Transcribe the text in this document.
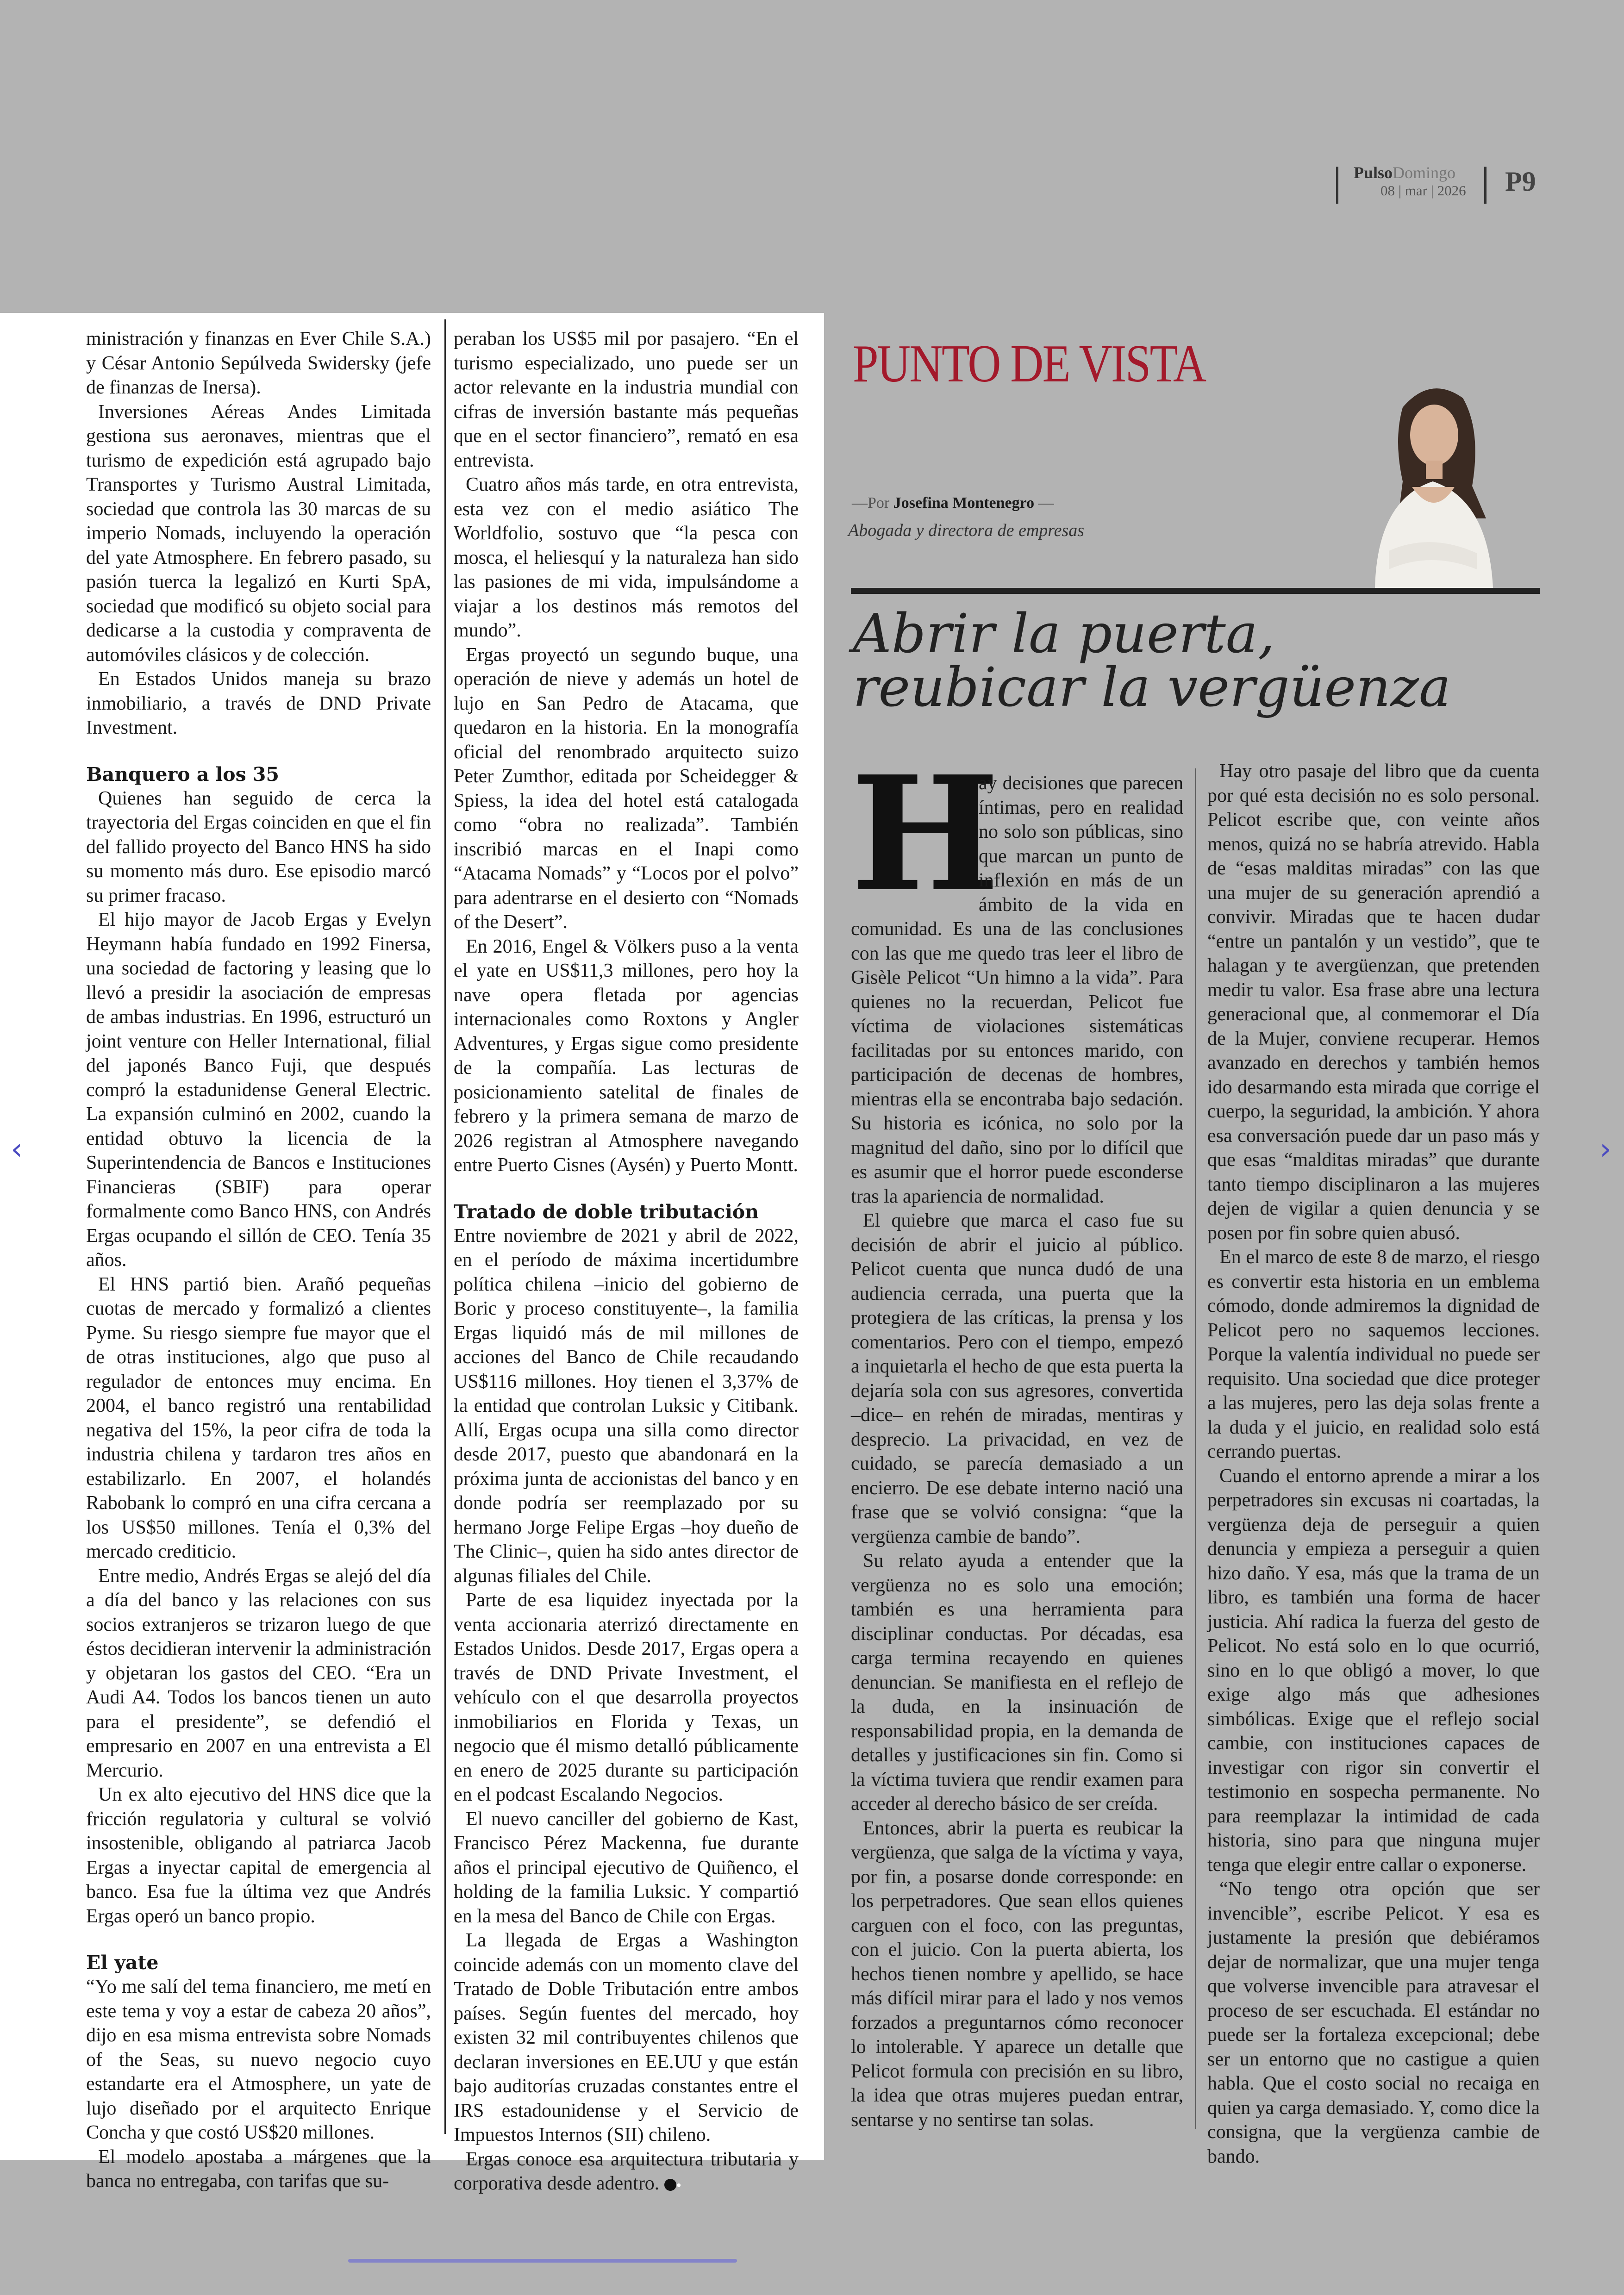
PulsoDomingo
08 | mar | 2026 P9

ministración y finanzas en Ever Chile S.A.) y César Antonio Sepúlveda Swidersky (jefe de finanzas de Inersa).

Inversiones Aéreas Andes Limitada gestiona sus aeronaves, mientras que el turismo de expedición está agrupado bajo Transportes y Turismo Austral Limitada, sociedad que controla las 30 marcas de su imperio Nomads, incluyendo la operación del yate Atmosphere. En febrero pasado, su pasión tuerca la legalizó en Kurti SpA, sociedad que modificó su objeto social para dedicarse a la custodia y compraventa de automóviles clásicos y de colección.

En Estados Unidos maneja su brazo inmobiliario, a través de DND Private Investment.

Banquero a los 35

Quienes han seguido de cerca la trayectoria del Ergas coinciden en que el fin del fallido proyecto del Banco HNS ha sido su momento más duro. Ese episodio marcó su primer fracaso.

El hijo mayor de Jacob Ergas y Evelyn Heymann había fundado en 1992 Finersa, una sociedad de factoring y leasing que lo llevó a presidir la asociación de empresas de ambas industrias. En 1996, estructuró un joint venture con Heller International, filial del japonés Banco Fuji, que después compró la estadunidense General Electric. La expansión culminó en 2002, cuando la entidad obtuvo la licencia de la Superintendencia de Bancos e Instituciones Financieras (SBIF) para operar formalmente como Banco HNS, con Andrés Ergas ocupando el sillón de CEO. Tenía 35 años.

El HNS partió bien. Arañó pequeñas cuotas de mercado y formalizó a clientes Pyme. Su riesgo siempre fue mayor que el de otras instituciones, algo que puso al regulador de entonces muy encima. En 2004, el banco registró una rentabilidad negativa del 15%, la peor cifra de toda la industria chilena y tardaron tres años en estabilizarlo. En 2007, el holandés Rabobank lo compró en una cifra cercana a los US$50 millones. Tenía el 0,3% del mercado crediticio.

Entre medio, Andrés Ergas se alejó del día a día del banco y las relaciones con sus socios extranjeros se trizaron luego de que éstos decidieran intervenir la administración y objetaran los gastos del CEO. “Era un Audi A4. Todos los bancos tienen un auto para el presidente”, se defendió el empresario en 2007 en una entrevista a El Mercurio.

Un ex alto ejecutivo del HNS dice que la fricción regulatoria y cultural se volvió insostenible, obligando al patriarca Jacob Ergas a inyectar capital de emergencia al banco. Esa fue la última vez que Andrés Ergas operó un banco propio.

El yate

“Yo me salí del tema financiero, me metí en este tema y voy a estar de cabeza 20 años”, dijo en esa misma entrevista sobre Nomads of the Seas, su nuevo negocio cuyo estandarte era el Atmosphere, un yate de lujo diseñado por el arquitecto Enrique Concha y que costó US$20 millones.

El modelo apostaba a márgenes que la banca no entregaba, con tarifas que su-

peraban los US$5 mil por pasajero. “En el turismo especializado, uno puede ser un actor relevante en la industria mundial con cifras de inversión bastante más pequeñas que en el sector financiero”, remató en esa entrevista.

Cuatro años más tarde, en otra entrevista, esta vez con el medio asiático The Worldfolio, sostuvo que “la pesca con mosca, el heliesquí y la naturaleza han sido las pasiones de mi vida, impulsándome a viajar a los destinos más remotos del mundo”.

Ergas proyectó un segundo buque, una operación de nieve y además un hotel de lujo en San Pedro de Atacama, que quedaron en la historia. En la monografía oficial del renombrado arquitecto suizo Peter Zumthor, editada por Scheidegger & Spiess, la idea del hotel está catalogada como “obra no realizada”. También inscribió marcas en el Inapi como “Atacama Nomads” y “Locos por el polvo” para adentrarse en el desierto con “Nomads of the Desert”.

En 2016, Engel & Völkers puso a la venta el yate en US$11,3 millones, pero hoy la nave opera fletada por agencias internacionales como Roxtons y Angler Adventures, y Ergas sigue como presidente de la compañía. Las lecturas de posicionamiento satelital de finales de febrero y la primera semana de marzo de 2026 registran al Atmosphere navegando entre Puerto Cisnes (Aysén) y Puerto Montt.

Tratado de doble tributación

Entre noviembre de 2021 y abril de 2022, en el período de máxima incertidumbre política chilena –inicio del gobierno de Boric y proceso constituyente–, la familia Ergas liquidó más de mil millones de acciones del Banco de Chile recaudando US$116 millones. Hoy tienen el 3,37% de la entidad que controlan Luksic y Citibank. Allí, Ergas ocupa una silla como director desde 2017, puesto que abandonará en la próxima junta de accionistas del banco y en donde podría ser reemplazado por su hermano Jorge Felipe Ergas –hoy dueño de The Clinic–, quien ha sido antes director de algunas filiales del Chile.

Parte de esa liquidez inyectada por la venta accionaria aterrizó directamente en Estados Unidos. Desde 2017, Ergas opera a través de DND Private Investment, el vehículo con el que desarrolla proyectos inmobiliarios en Florida y Texas, un negocio que él mismo detalló públicamente en enero de 2025 durante su participación en el podcast Escalando Negocios.

El nuevo canciller del gobierno de Kast, Francisco Pérez Mackenna, fue durante años el principal ejecutivo de Quiñenco, el holding de la familia Luksic. Y compartió en la mesa del Banco de Chile con Ergas.

La llegada de Ergas a Washington coincide además con un momento clave del Tratado de Doble Tributación entre ambos países. Según fuentes del mercado, hoy existen 32 mil contribuyentes chilenos que declaran inversiones en EE.UU y que están bajo auditorías cruzadas constantes entre el IRS estadounidense y el Servicio de Impuestos Internos (SII) chileno.

Ergas conoce esa arquitectura tributaria y corporativa desde adentro. ●

PUNTO DE VISTA
—Por Josefina Montenegro —
Abogada y directora de empresas
Abrir la puerta, reubicar la vergüenza

H
ay decisiones que parecen íntimas, pero en realidad no solo son públicas, sino que marcan un punto de inflexión en más de un ámbito de la vida en comunidad. Es una de las conclusiones con las que me quedo tras leer el libro de Gisèle Pelicot “Un himno a la vida”. Para quienes no la recuerdan, Pelicot fue víctima de violaciones sistemáticas facilitadas por su entonces marido, con participación de decenas de hombres, mientras ella se encontraba bajo sedación. Su historia es icónica, no solo por la magnitud del daño, sino por lo difícil que es asumir que el horror puede esconderse tras la apariencia de normalidad.

El quiebre que marca el caso fue su decisión de abrir el juicio al público. Pelicot cuenta que nunca dudó de una audiencia cerrada, una puerta que la protegiera de las críticas, la prensa y los comentarios. Pero con el tiempo, empezó a inquietarla el hecho de que esta puerta la dejaría sola con sus agresores, convertida –dice– en rehén de miradas, mentiras y desprecio. La privacidad, en vez de cuidado, se parecía demasiado a un encierro. De ese debate interno nació una frase que se volvió consigna: “que la vergüenza cambie de bando”.

Su relato ayuda a entender que la vergüenza no es solo una emoción; también es una herramienta para disciplinar conductas. Por décadas, esa carga termina recayendo en quienes denuncian. Se manifiesta en el reflejo de la duda, en la insinuación de responsabilidad propia, en la demanda de detalles y justificaciones sin fin. Como si la víctima tuviera que rendir examen para acceder al derecho básico de ser creída.

Entonces, abrir la puerta es reubicar la vergüenza, que salga de la víctima y vaya, por fin, a posarse donde corresponde: en los perpetradores. Que sean ellos quienes carguen con el foco, con las preguntas, con el juicio. Con la puerta abierta, los hechos tienen nombre y apellido, se hace más difícil mirar para el lado y nos vemos forzados a preguntarnos cómo reconocer lo intolerable. Y aparece un detalle que Pelicot formula con precisión en su libro, la idea que otras mujeres puedan entrar, sentarse y no sentirse tan solas.

Hay otro pasaje del libro que da cuenta por qué esta decisión no es solo personal. Pelicot escribe que, con veinte años menos, quizá no se habría atrevido. Habla de “esas malditas miradas” con las que una mujer de su generación aprendió a convivir. Miradas que te hacen dudar “entre un pantalón y un vestido”, que te halagan y te avergüenzan, que pretenden medir tu valor. Esa frase abre una lectura generacional que, al conmemorar el Día de la Mujer, conviene recuperar. Hemos avanzado en derechos y también hemos ido desarmando esta mirada que corrige el cuerpo, la seguridad, la ambición. Y ahora esa conversación puede dar un paso más y que esas “malditas miradas” que durante tanto tiempo disciplinaron a las mujeres dejen de vigilar a quien denuncia y se posen por fin sobre quien abusó.

En el marco de este 8 de marzo, el riesgo es convertir esta historia en un emblema cómodo, donde admiremos la dignidad de Pelicot pero no saquemos lecciones. Porque la valentía individual no puede ser requisito. Una sociedad que dice proteger a las mujeres, pero las deja solas frente a la duda y el juicio, en realidad solo está cerrando puertas.

Cuando el entorno aprende a mirar a los perpetradores sin excusas ni coartadas, la vergüenza deja de perseguir a quien denuncia y empieza a perseguir a quien hizo daño. Y esa, más que la trama de un libro, es también una forma de hacer justicia. Ahí radica la fuerza del gesto de Pelicot. No está solo en lo que ocurrió, sino en lo que obligó a mover, lo que exige algo más que adhesiones simbólicas. Exige que el reflejo social cambie, con instituciones capaces de investigar con rigor sin convertir el testimonio en sospecha permanente. No para reemplazar la intimidad de cada historia, sino para que ninguna mujer tenga que elegir entre callar o exponerse.

“No tengo otra opción que ser invencible”, escribe Pelicot. Y esa es justamente la presión que debiéramos dejar de normalizar, que una mujer tenga que volverse invencible para atravesar el proceso de ser escuchada. El estándar no puede ser la fortaleza excepcional; debe ser un entorno que no castigue a quien habla. Que el costo social no recaiga en quien ya carga demasiado. Y, como dice la consigna, que la vergüenza cambie de bando.

‹	›
